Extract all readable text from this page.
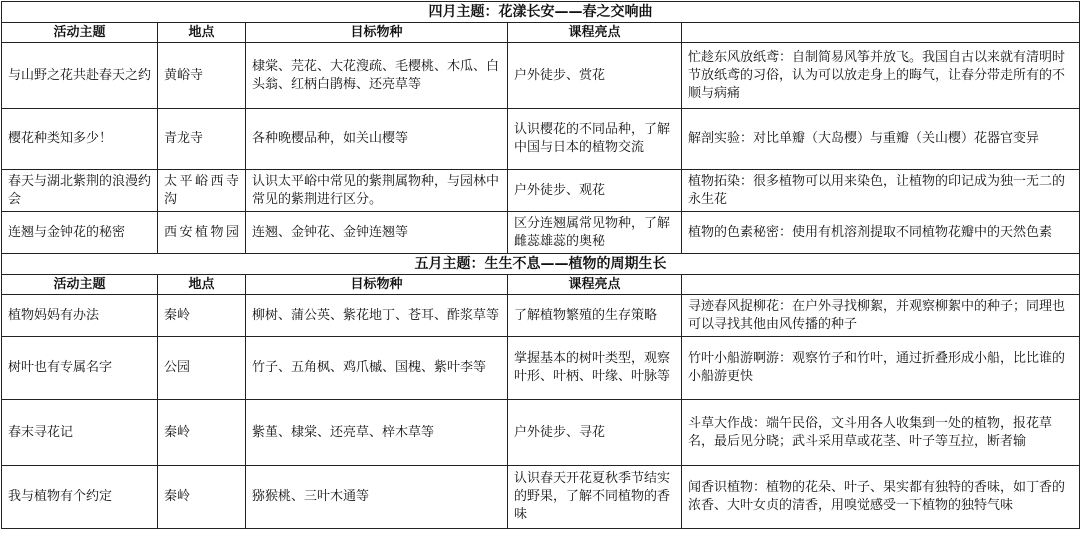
四月主题：花漾长安——春之交响曲				
活动主题	地点	目标物种	课程亮点	
与山野之花共赴春天之约	黄峪寺	棣棠、芫花、大花溲疏、毛樱桃、木瓜、白头翁、红柄白鹃梅、还亮草等	户外徒步、赏花	忙趁东风放纸鸢：自制简易风筝并放飞。我国自古以来就有清明时节放纸鸢的习俗，认为可以放走身上的晦气，让春分带走所有的不顺与病痛
樱花种类知多少！	青龙寺	各种晚樱品种，如关山樱等	认识樱花的不同品种，了解中国与日本的植物交流	解剖实验：对比单瓣（大岛樱）与重瓣（关山樱）花器官变异
春天与湖北紫荆的浪漫约会	太平峪西寺沟	认识太平峪中常见的紫荆属物种，与园林中常见的紫荆进行区分。	户外徒步、观花	植物拓染：很多植物可以用来染色，让植物的印记成为独一无二的永生花
连翘与金钟花的秘密	西安植物园	连翘、金钟花、金钟连翘等	区分连翘属常见物种，了解雌蕊雄蕊的奥秘	植物的色素秘密：使用有机溶剂提取不同植物花瓣中的天然色素
五月主题：生生不息——植物的周期生长				
活动主题	地点	目标物种	课程亮点	
植物妈妈有办法	秦岭	柳树、蒲公英、紫花地丁、苍耳、酢浆草等	了解植物繁殖的生存策略	寻迹春风捉柳花：在户外寻找柳絮，并观察柳絮中的种子；同理也可以寻找其他由风传播的种子
树叶也有专属名字	公园	竹子、五角枫、鸡爪槭、国槐、紫叶李等	掌握基本的树叶类型，观察叶形、叶柄、叶缘、叶脉等	竹叶小船游啊游：观察竹子和竹叶，通过折叠形成小船，比比谁的小船游更快
春末寻花记	秦岭	紫堇、棣棠、还亮草、梓木草等	户外徒步、寻花	斗草大作战：端午民俗，文斗用各人收集到一处的植物，报花草名，最后见分晓；武斗采用草或花茎、叶子等互拉，断者输
我与植物有个约定	秦岭	猕猴桃、三叶木通等	认识春天开花夏秋季节结实的野果，了解不同植物的香味	闻香识植物：植物的花朵、叶子、果实都有独特的香味，如丁香的浓香、大叶女贞的清香，用嗅觉感受一下植物的独特气味
